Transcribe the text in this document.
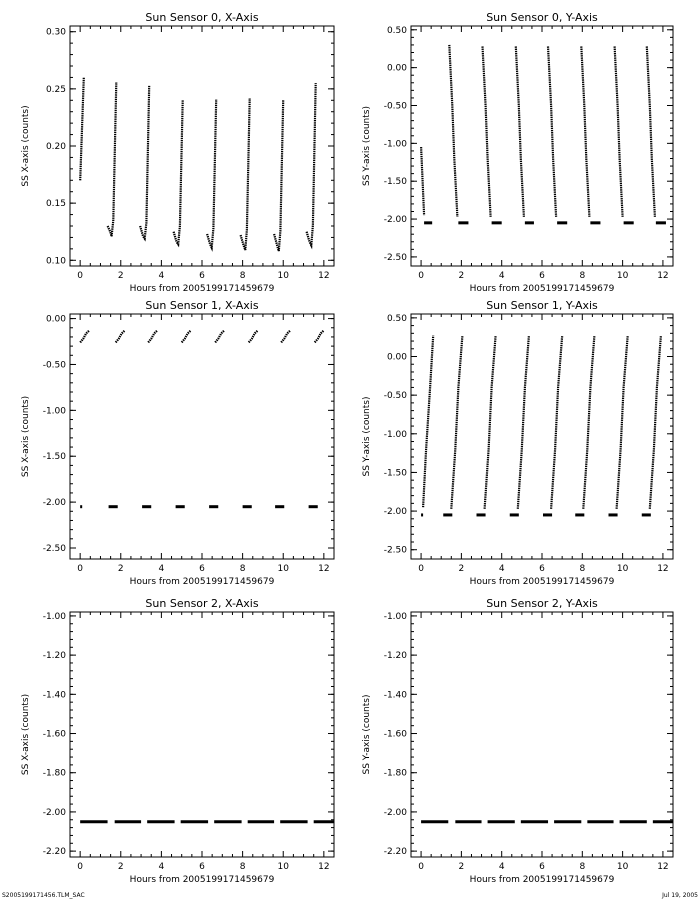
Sun Sensor 0, X-Axis
0	2	4	6	8	10	12
0.10
0.15
0.20
0.25
0.30
Hours from 2005199171459679
SS X-axis (counts)
Sun Sensor 0, Y-Axis
0	2	4	6	8	10	12
0.50
0.00
-0.50
-1.00
-1.50
-2.00
-2.50
Hours from 2005199171459679
SS Y-axis (counts)
Sun Sensor 1, X-Axis
0	2	4	6	8	10	12
0.00
-0.50
-1.00
-1.50
-2.00
-2.50
Hours from 2005199171459679
SS X-axis (counts)
Sun Sensor 1, Y-Axis
0	2	4	6	8	10	12
0.50
0.00
-0.50
-1.00
-1.50
-2.00
-2.50
Hours from 2005199171459679
SS Y-axis (counts)
Sun Sensor 2, X-Axis
0	2	4	6	8	10	12
-1.00
-1.20
-1.40
-1.60
-1.80
-2.00
-2.20
Hours from 2005199171459679
SS X-axis (counts)
Sun Sensor 2, Y-Axis
0	2	4	6	8	10	12
-1.00
-1.20
-1.40
-1.60
-1.80
-2.00
-2.20
Hours from 2005199171459679
SS Y-axis (counts)
S2005199171456.TLM_SAC	Jul 19, 2005
